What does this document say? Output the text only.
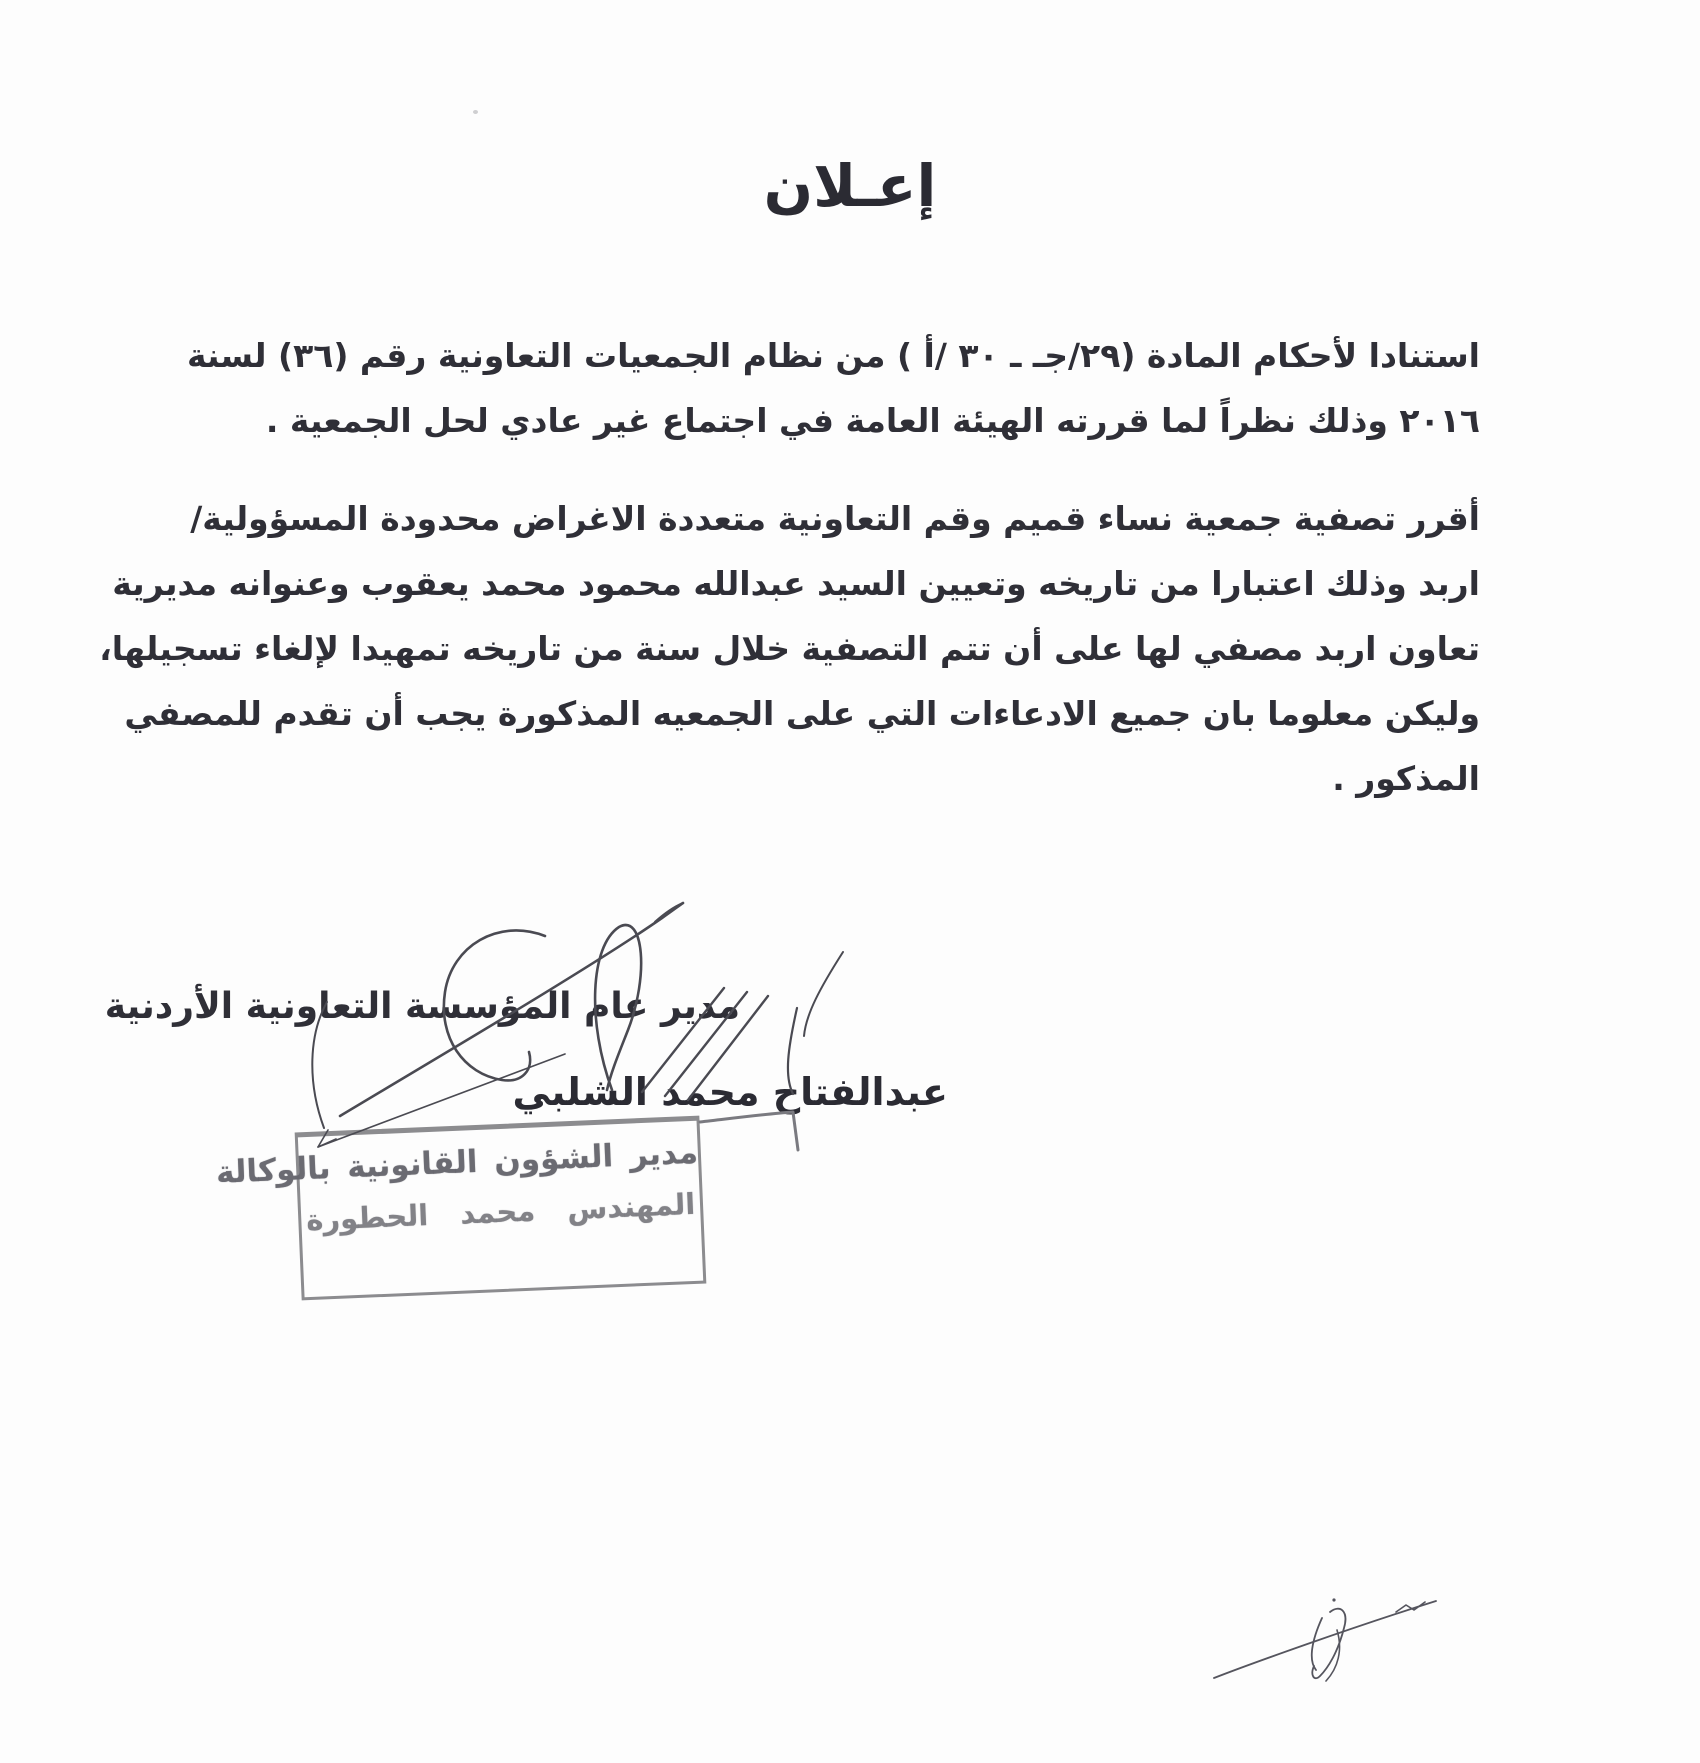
إعـلان
استنادا لأحكام المادة (٢٩/جـ ـ ٣٠ /أ ) من نظام الجمعيات التعاونية رقم (٣٦) لسنة
٢٠١٦ وذلك نظراً لما قررته الهيئة العامة في اجتماع غير عادي لحل الجمعية .
أقرر تصفية جمعية نساء قميم وقم التعاونية متعددة الاغراض محدودة المسؤولية/
اربد وذلك اعتبارا من تاريخه وتعيين السيد عبدالله محمود محمد يعقوب وعنوانه مديرية
تعاون اربد مصفي لها على أن تتم التصفية خلال سنة من تاريخه تمهيدا لإلغاء تسجيلها،
وليكن معلوما بان جميع الادعاءات التي على الجمعيه المذكورة يجب أن تقدم للمصفي
المذكور .
مدير عام المؤسسة التعاونية الأردنية
عبدالفتاح محمد الشلبي
مدير الشؤون القانونية بالوكالة
المهندس محمد الحطورة
